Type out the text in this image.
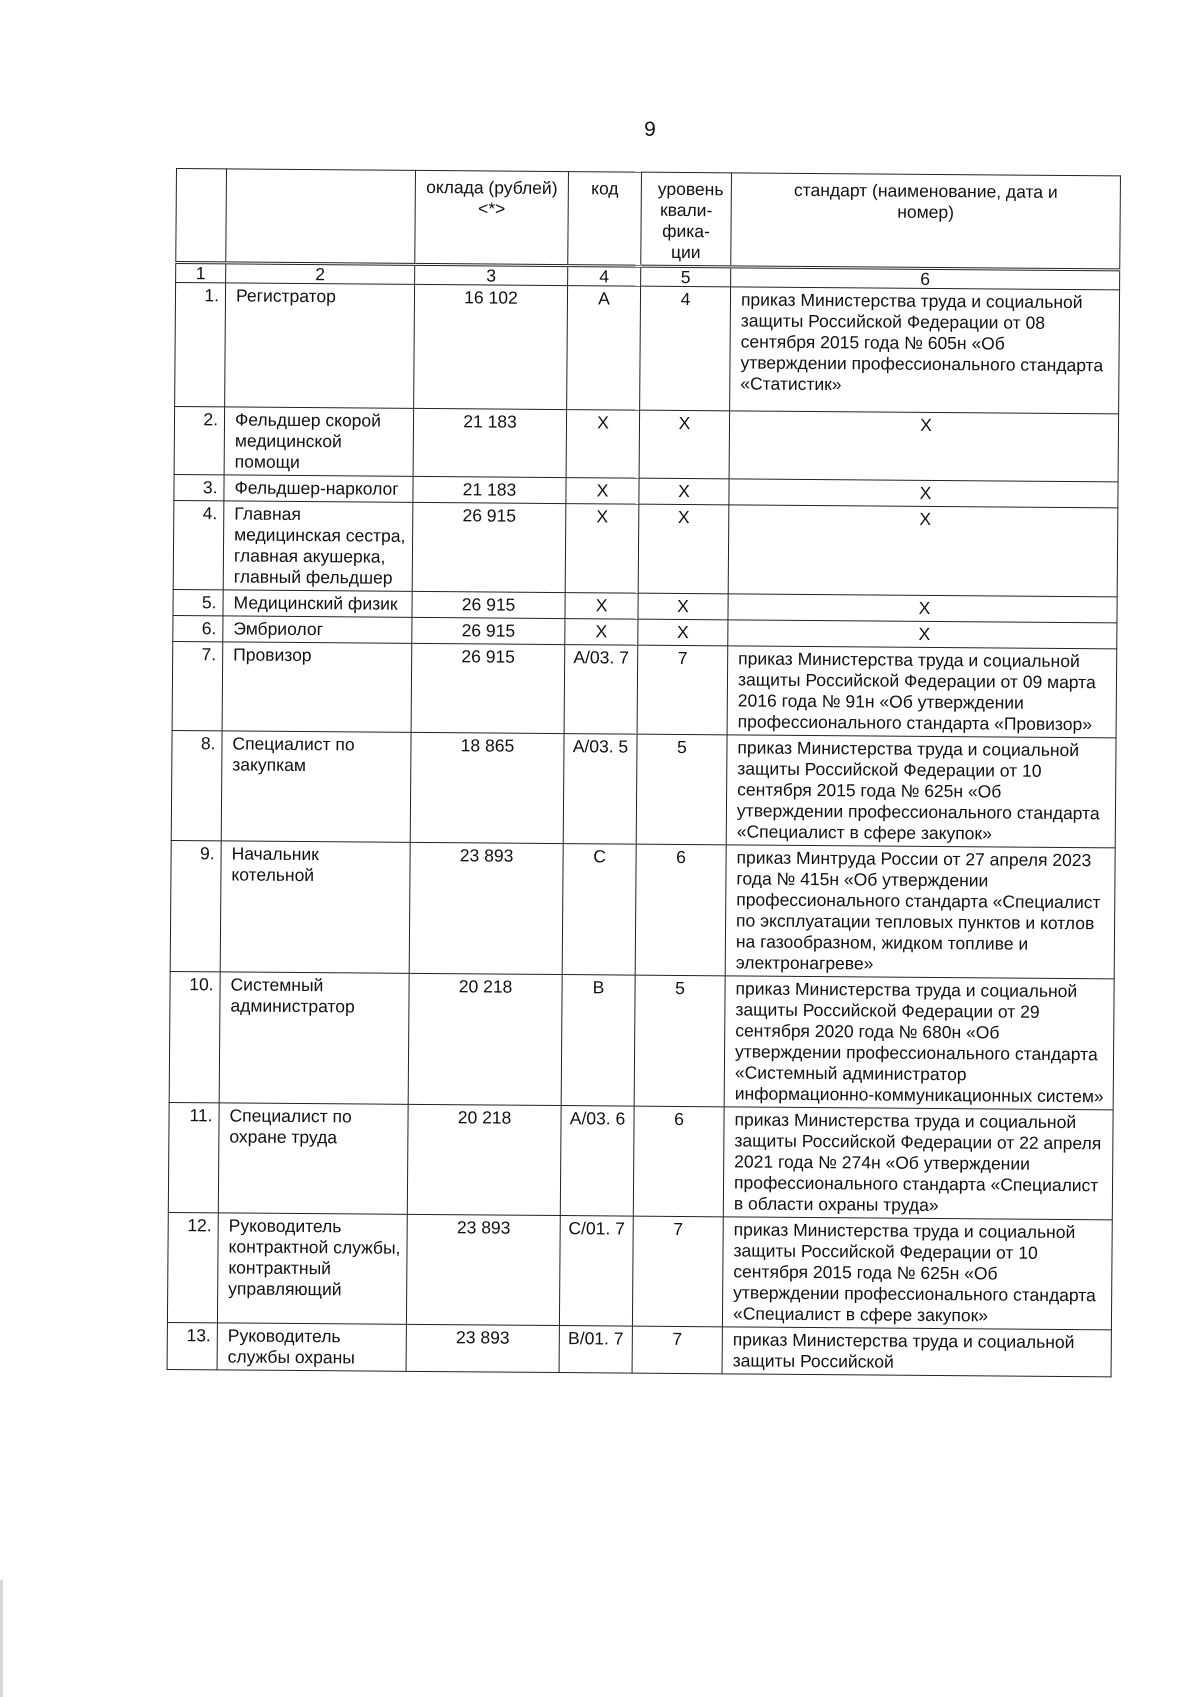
9
		оклада (рублей) <*>	код	уровень квали-фика-ции	стандарт (наименование, дата и номер)
1	2	3	4	5	6
1.	Регистратор	16 102	А	4	приказ Министерства труда и социальной защиты Российской Федерации от 08 сентября 2015 года № 605н «Об утверждении профессионального стандарта «Статистик»
2.	Фельдшер скорой медицинской помощи	21 183	Х	Х	Х
3.	Фельдшер-нарколог	21 183	Х	Х	Х
4.	Главная медицинская сестра, главная акушерка, главный фельдшер	26 915	Х	Х	Х
5.	Медицинский физик	26 915	Х	Х	Х
6.	Эмбриолог	26 915	Х	Х	Х
7.	Провизор	26 915	А/03. 7	7	приказ Министерства труда и социальной защиты Российской Федерации от 09 марта 2016 года № 91н «Об утверждении профессионального стандарта «Провизор»
8.	Специалист по закупкам	18 865	А/03. 5	5	приказ Министерства труда и социальной защиты Российской Федерации от 10 сентября 2015 года № 625н «Об утверждении профессионального стандарта «Специалист в сфере закупок»
9.	Начальник котельной	23 893	С	6	приказ Минтруда России от 27 апреля 2023 года № 415н «Об утверждении профессионального стандарта «Специалист по эксплуатации тепловых пунктов и котлов на газообразном, жидком топливе и электронагреве»
10.	Системный администратор	20 218	В	5	приказ Министерства труда и социальной защиты Российской Федерации от 29 сентября 2020 года № 680н «Об утверждении профессионального стандарта «Системный администратор информационно-коммуникационных систем»
11.	Специалист по охране труда	20 218	А/03. 6	6	приказ Министерства труда и социальной защиты Российской Федерации от 22 апреля 2021 года № 274н «Об утверждении профессионального стандарта «Специалист в области охраны труда»
12.	Руководитель контрактной службы, контрактный управляющий	23 893	С/01. 7	7	приказ Министерства труда и социальной защиты Российской Федерации от 10 сентября 2015 года № 625н «Об утверждении профессионального стандарта «Специалист в сфере закупок»
13.	Руководитель службы охраны	23 893	В/01. 7	7	приказ Министерства труда и социальной защиты Российской
